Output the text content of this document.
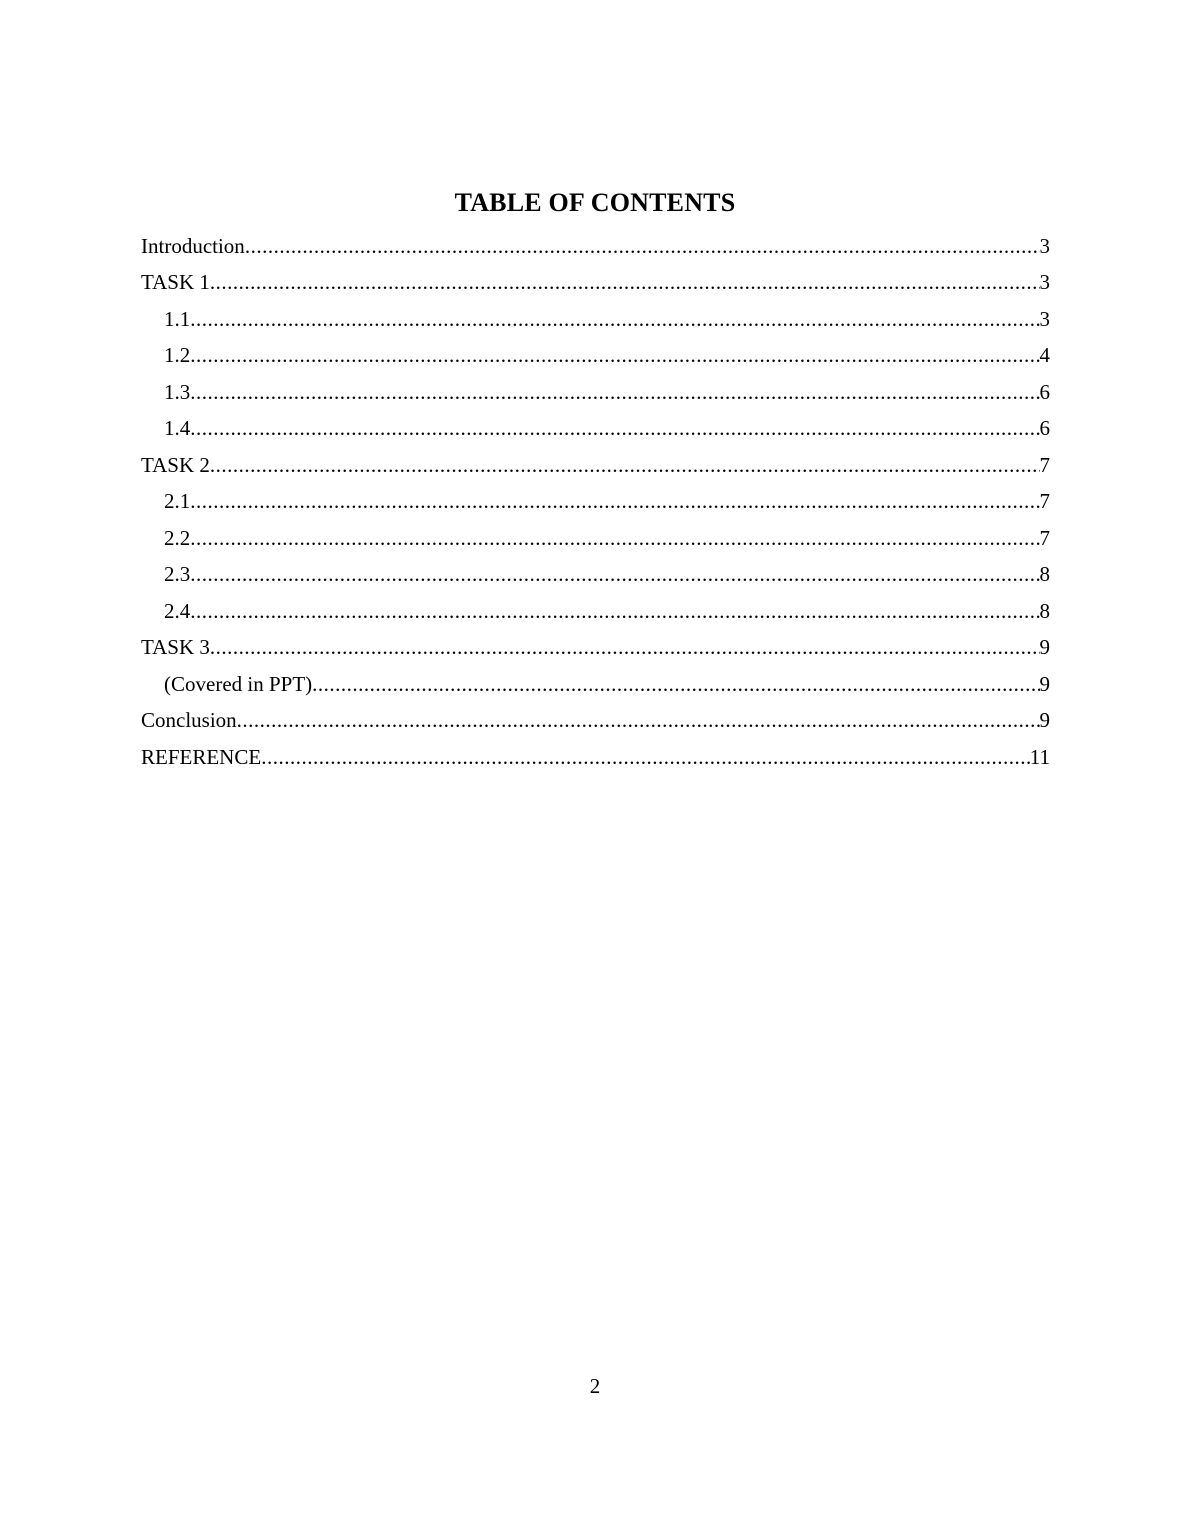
TABLE OF CONTENTS
Introduction .....	3
TASK 1 .....	3
1.1 .....	3
1.2 .....	4
1.3 .....	6
1.4 .....	6
TASK 2 .....	7
2.1 .....	7
2.2 .....	7
2.3 .....	8
2.4 .....	8
TASK 3 .....	9
(Covered in PPT) .....	9
Conclusion .....	9
REFERENCE .....	11
2
